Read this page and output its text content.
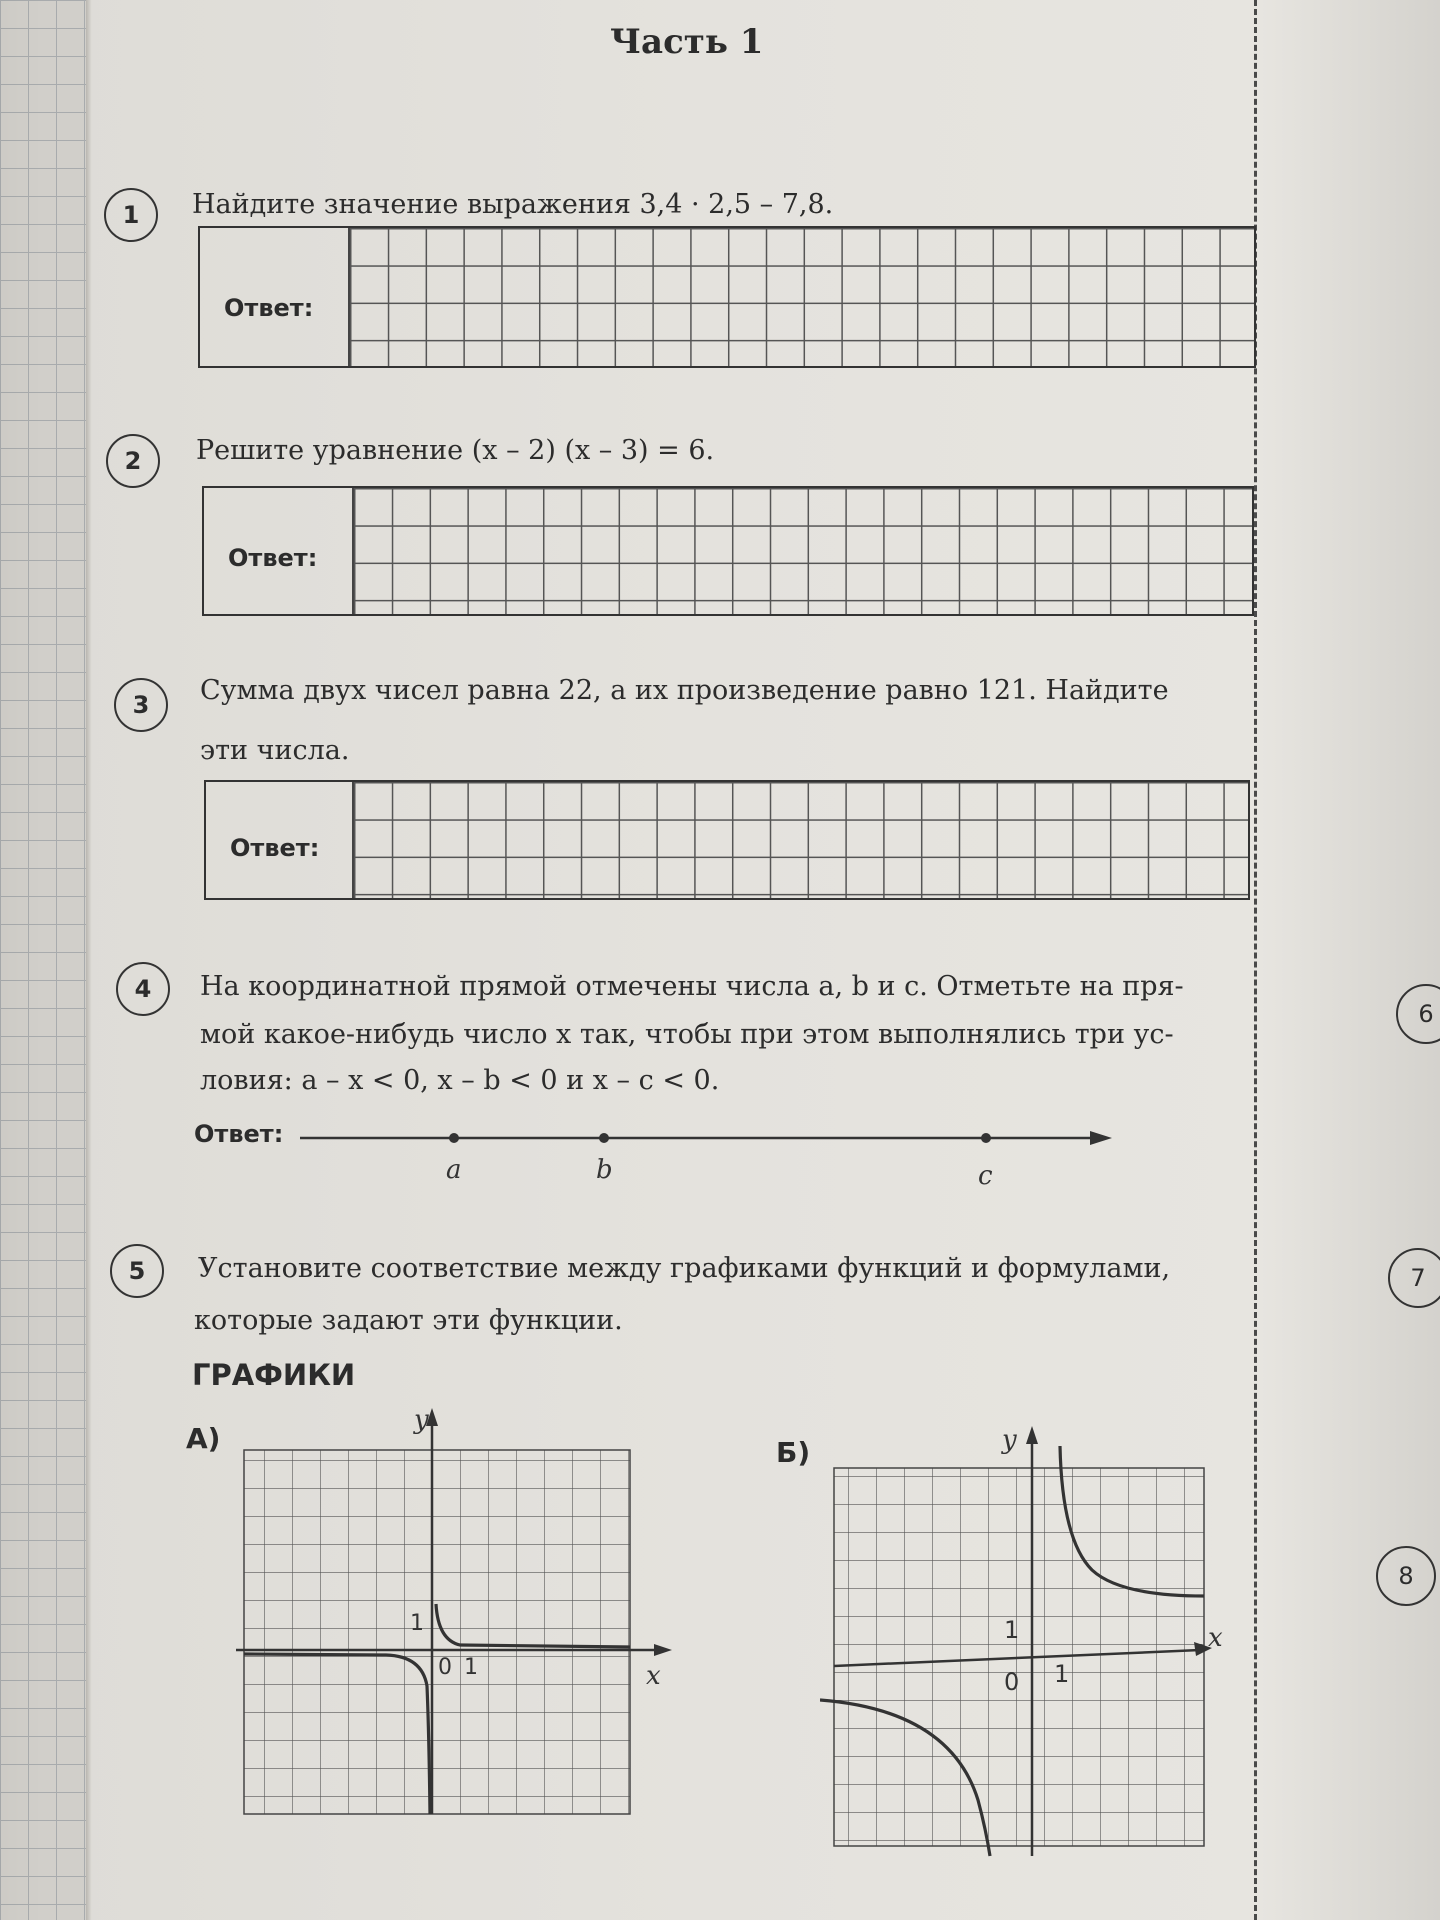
Часть 1
1	Найдите значение выражения 3,4 · 2,5 – 7,8.
Ответ:
2	Решите уравнение (x – 2) (x – 3) = 6.
Ответ:
3	Сумма двух чисел равна 22, а их произведение равно 121. Найдите
эти числа.
Ответ:
4	На координатной прямой отмечены числа a, b и c. Отметьте на пря-
мой какое-нибудь число x так, чтобы при этом выполнялись три ус-
ловия: a – x < 0, x – b < 0 и x – c < 0.
Ответ:
a	b	c
5	Установите соответствие между графиками функций и формулами,
которые задают эти функции.
ГРАФИКИ
А)	Б)
y
x
0 1
1
y
x
0 1
1
6
7
8
